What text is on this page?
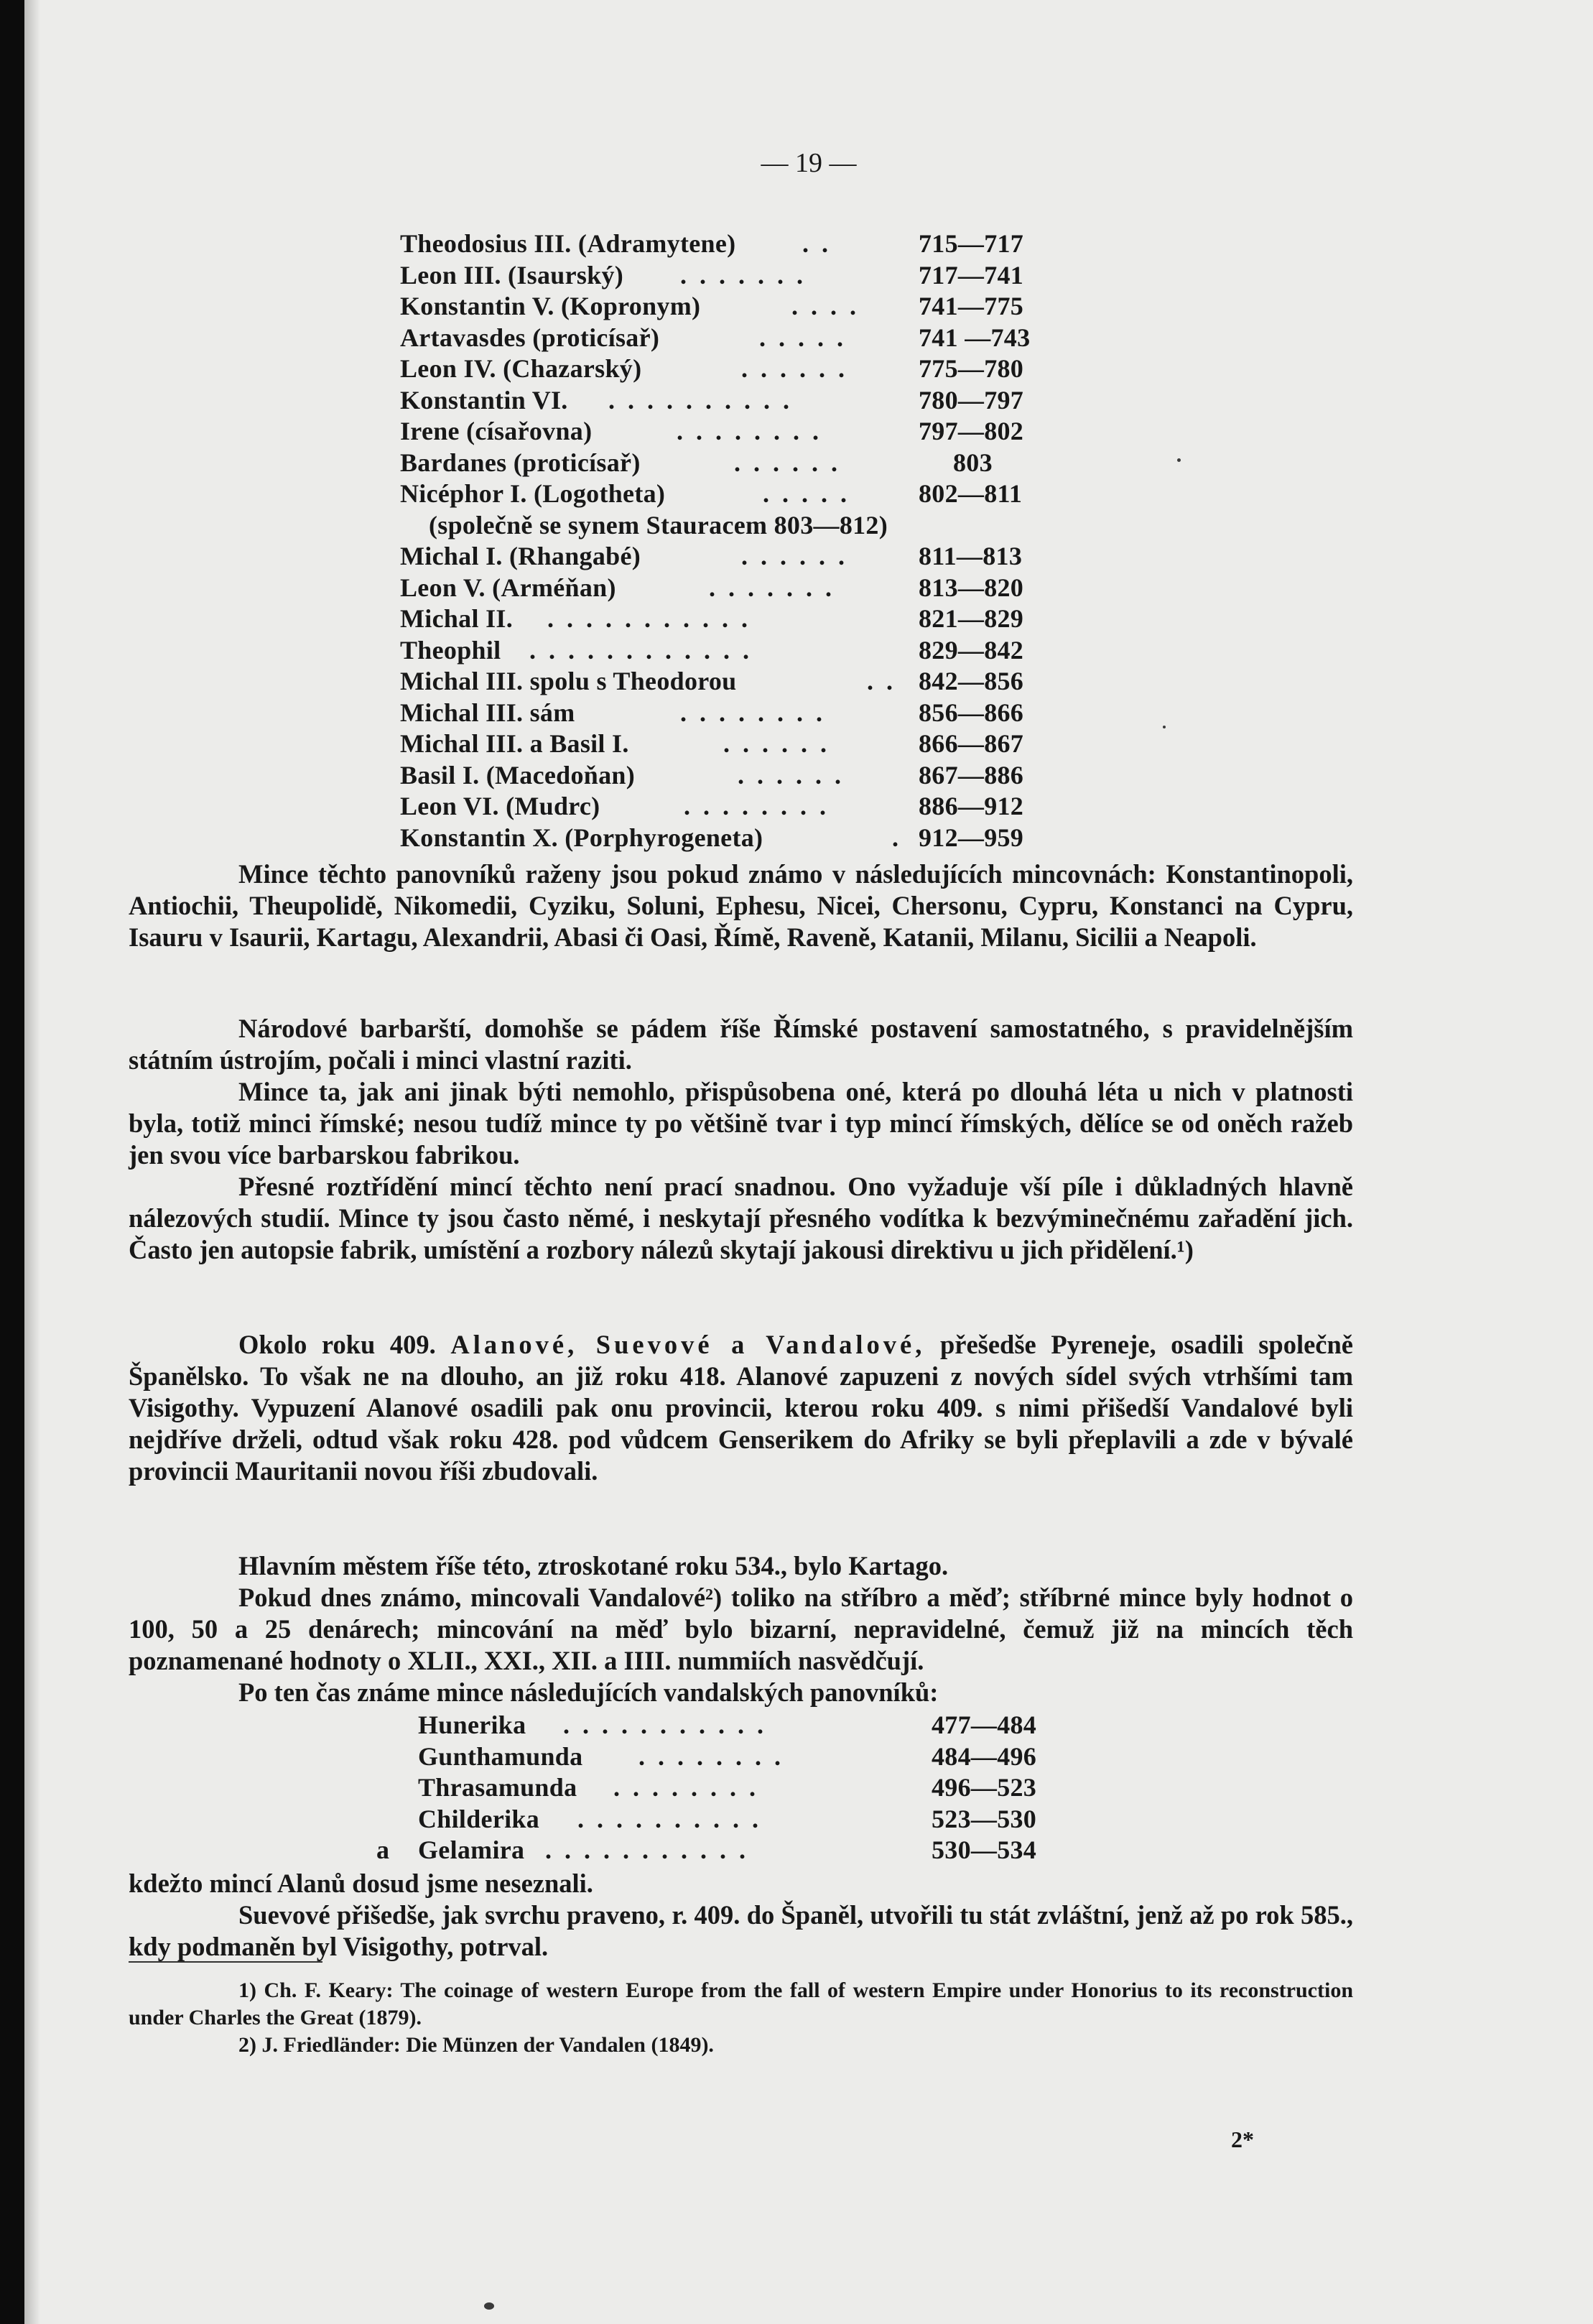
— 19 —
Theodosius III. (Adramytene)	. .	715—717
Leon III. (Isaurský) . . . . . . .	717—741
Konstantin V. (Kopronym)	. . . . 741—775
Artavasdes (proticísař)	. . . . .	741 —743
Leon IV. (Chazarský)	. . . . . .	775—780
Konstantin VI. . . . . . . . . . .	780—797
Irene (císařovna)	. . . . . . . .	797—802
Bardanes (proticísař)	. . . . . .	803
Nicéphor I. (Logotheta)	. . . . .	802—811
(společně se synem Stauracem 803—812)
Michal I. (Rhangabé)	. . . . . .	811—813
Leon V. (Arméňan)	. . . . . . .	813—820
Michal II. . . . . . . . . . . .	821—829
Theophil . . . . . . . . . . . .	829—842
Michal III. spolu s Theodorou	. . 842—856
Michal III. sám	. . . . . . . .	856—866
Michal III. a Basil I.	. . . . . .	866—867
Basil I. (Macedoňan)	. . . . . .	867—886
Leon VI. (Mudrc)	. . . . . . . .	886—912
Konstantin X. (Porphyrogeneta)	. 912—959
Mince těchto panovníků raženy jsou pokud známo v následujících mincovnách: Konstantinopoli, Antiochii, Theupolidě, Nikomedii, Cyziku, Soluni, Ephesu, Nicei, Chersonu, Cypru, Konstanci na Cypru, Isauru v Isaurii, Kartagu, Alexandrii, Abasi či Oasi, Římě, Raveně, Katanii, Milanu, Sicilii a Neapoli.
Národové barbarští, domohše se pádem říše Římské postavení samostatného, s pravidelnějším státním ústrojím, počali i minci vlastní raziti.
Mince ta, jak ani jinak býti nemohlo, přispůsobena oné, která po dlouhá léta u nich v platnosti byla, totiž minci římské; nesou tudíž mince ty po většině tvar i typ mincí římských, dělíce se od oněch ražeb jen svou více barbarskou fabrikou.
Přesné roztřídění mincí těchto není prací snadnou. Ono vyžaduje vší píle i důkladných hlavně nálezových studií. Mince ty jsou často němé, i neskytají přesného vodítka k bezvýminečnému zařadění jich. Často jen autopsie fabrik, umístění a rozbory nálezů skytají jakousi direktivu u jich přidělení.¹)
Okolo roku 409. Alanové, Suevové a Vandalové, přešedše Pyreneje, osadili společně Španělsko. To však ne na dlouho, an již roku 418. Alanové zapuzeni z nových sídel svých vtrhšími tam Visigothy. Vypuzení Alanové osadili pak onu provincii, kterou roku 409. s nimi přišedší Vandalové byli nejdříve drželi, odtud však roku 428. pod vůdcem Genserikem do Afriky se byli přeplavili a zde v bývalé provincii Mauritanii novou říši zbudovali.
Hlavním městem říše této, ztroskotané roku 534., bylo Kartago.
Pokud dnes známo, mincovali Vandalové²) toliko na stříbro a měď; stříbrné mince byly hodnot o 100, 50 a 25 denárech; mincování na měď bylo bizarní, nepravidelné, čemuž již na mincích těch poznamenané hodnoty o XLII., XXI., XII. a IIII. nummiích nasvědčují.
Po ten čas známe mince následujících vandalských panovníků:
Hunerika . . . . . . . . . . .	477—484
Gunthamunda . . . . . . . .	484—496
Thrasamunda . . . . . . . .	496—523
Childerika . . . . . . . . . .	523—530
a Gelamira . . . . . . . . . . .	530—534
kdežto mincí Alanů dosud jsme neseznali.
Suevové přišedše, jak svrchu praveno, r. 409. do Španěl, utvořili tu stát zvláštní, jenž až po rok 585., kdy podmaněn byl Visigothy, potrval.
1) Ch. F. Keary: The coinage of western Europe from the fall of western Empire under Honorius to its reconstruction under Charles the Great (1879).
2) J. Friedländer: Die Münzen der Vandalen (1849).
2*
